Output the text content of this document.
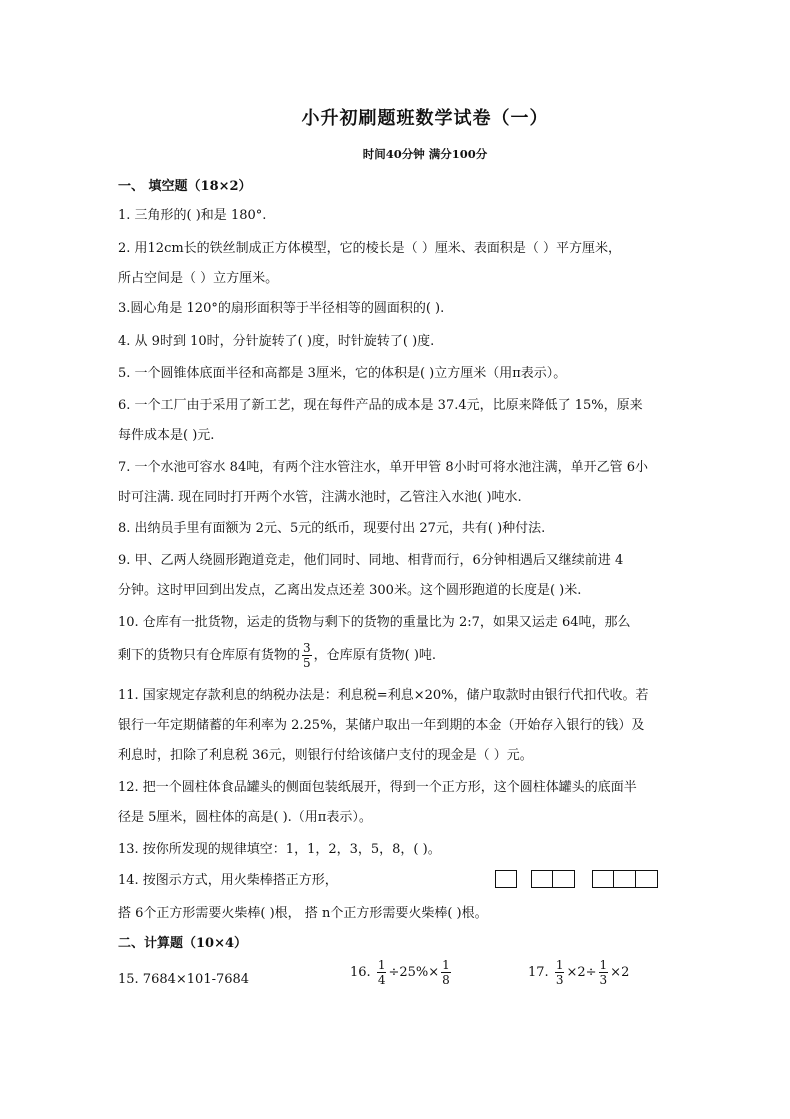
小升初刷题班数学试卷（一）
时间40分钟 满分100分
一、 填空题（18×2）
1. 三角形的( )和是 180°.
2. 用12cm长的铁丝制成正方体模型，它的棱长是（ ）厘米、表面积是（ ）平方厘米，
所占空间是（ ）立方厘米。
3.圆心角是 120°的扇形面积等于半径相等的圆面积的( ).
4. 从 9时到 10时，分针旋转了( )度，时针旋转了( )度.
5. 一个圆锥体底面半径和高都是 3厘米，它的体积是( )立方厘米（用π表示）。
6. 一个工厂由于采用了新工艺，现在每件产品的成本是 37.4元，比原来降低了 15%，原来
每件成本是( )元.
7. 一个水池可容水 84吨，有两个注水管注水，单开甲管 8小时可将水池注满，单开乙管 6小
时可注满. 现在同时打开两个水管，注满水池时，乙管注入水池( )吨水.
8. 出纳员手里有面额为 2元、5元的纸币，现要付出 27元，共有( )种付法.
9. 甲、乙两人绕圆形跑道竞走，他们同时、同地、相背而行，6分钟相遇后又继续前进 4
分钟。这时甲回到出发点，乙离出发点还差 300米。这个圆形跑道的长度是( )米.
10. 仓库有一批货物，运走的货物与剩下的货物的重量比为 2:7，如果又运走 64吨，那么
剩下的货物只有仓库原有货物的 $\frac{3}{5}$ ，仓库原有货物( )吨.
11. 国家规定存款利息的纳税办法是：利息税=利息×20%，储户取款时由银行代扣代收。若
银行一年定期储蓄的年利率为 2.25%，某储户取出一年到期的本金（开始存入银行的钱）及
利息时，扣除了利息税 36元，则银行付给该储户支付的现金是（ ）元。
12. 把一个圆柱体食品罐头的侧面包装纸展开，得到一个正方形，这个圆柱体罐头的底面半
径是 5厘米，圆柱体的高是( ).（用π表示）。
13. 按你所发现的规律填空：1，1，2，3，5，8，( )。
14. 按图示方式，用火柴棒搭正方形，
搭 6个正方形需要火柴棒( )根， 搭 n个正方形需要火柴棒( )根。
二、计算题（10×4）
15. 7684×101-7684	16. $\frac{1}{4} \div 25\%\times \frac{1}{8}$	17. $\frac{1}{3} \times 2\div \frac{1}{3} \times 2$
